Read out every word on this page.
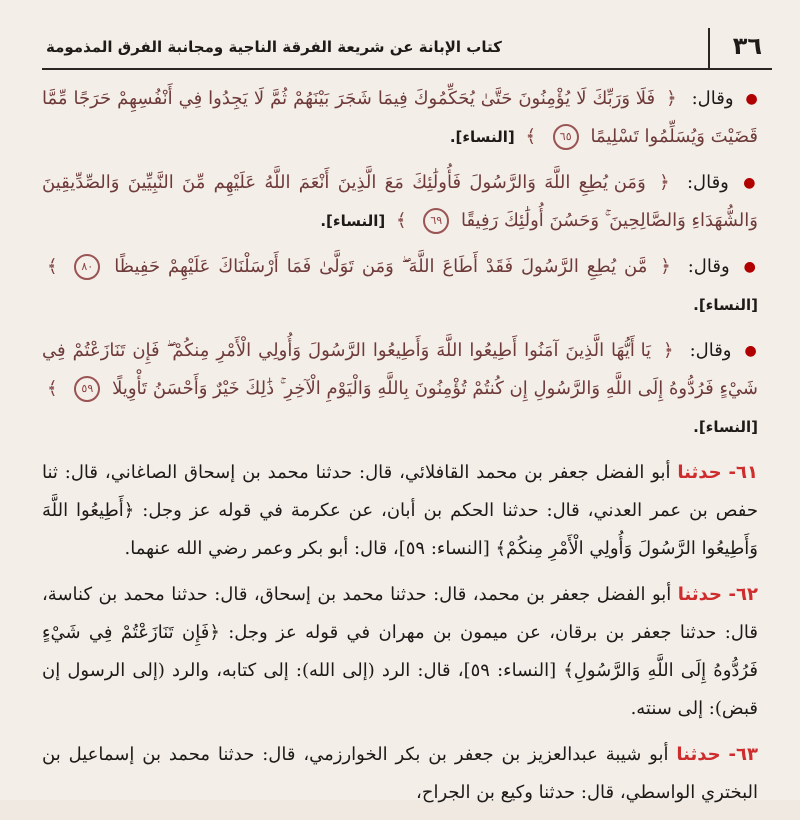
٣٦
كتاب الإبانة عن شريعة الفرقة الناجية ومجانبة الفرق المذمومة
● وقال: ﴿ فَلَا وَرَبِّكَ لَا يُؤْمِنُونَ حَتَّىٰ يُحَكِّمُوكَ فِيمَا شَجَرَ بَيْنَهُمْ ثُمَّ لَا يَجِدُوا فِي أَنْفُسِهِمْ حَرَجًا مِّمَّا قَضَيْتَ وَيُسَلِّمُوا تَسْلِيمًا ٦٥ ﴾ [النساء].
● وقال: ﴿ وَمَن يُطِعِ اللَّهَ وَالرَّسُولَ فَأُولَٰئِكَ مَعَ الَّذِينَ أَنْعَمَ اللَّهُ عَلَيْهِم مِّنَ النَّبِيِّينَ وَالصِّدِّيقِينَ وَالشُّهَدَاءِ وَالصَّالِحِينَ ۚ وَحَسُنَ أُولَٰئِكَ رَفِيقًا ٦٩ ﴾ [النساء].
● وقال: ﴿ مَّن يُطِعِ الرَّسُولَ فَقَدْ أَطَاعَ اللَّهَ ۖ وَمَن تَوَلَّىٰ فَمَا أَرْسَلْنَاكَ عَلَيْهِمْ حَفِيظًا ٨٠ ﴾ [النساء].
● وقال: ﴿ يَا أَيُّهَا الَّذِينَ آمَنُوا أَطِيعُوا اللَّهَ وَأَطِيعُوا الرَّسُولَ وَأُولِي الْأَمْرِ مِنكُمْ ۖ فَإِن تَنَازَعْتُمْ فِي شَيْءٍ فَرُدُّوهُ إِلَى اللَّهِ وَالرَّسُولِ إِن كُنتُمْ تُؤْمِنُونَ بِاللَّهِ وَالْيَوْمِ الْآخِرِ ۚ ذَٰلِكَ خَيْرٌ وَأَحْسَنُ تَأْوِيلًا ٥٩ ﴾ [النساء].
٦١- حدثنا أبو الفضل جعفر بن محمد القافلائي، قال: حدثنا محمد بن إسحاق الصاغاني، قال: ثنا حفص بن عمر العدني، قال: حدثنا الحكم بن أبان، عن عكرمة في قوله عز وجل: ﴿أَطِيعُوا اللَّهَ وَأَطِيعُوا الرَّسُولَ وَأُولِي الْأَمْرِ مِنكُمْ﴾ [النساء: ٥٩]، قال: أبو بكر وعمر رضي الله عنهما.
٦٢- حدثنا أبو الفضل جعفر بن محمد، قال: حدثنا محمد بن إسحاق، قال: حدثنا محمد بن كناسة، قال: حدثنا جعفر بن برقان، عن ميمون بن مهران في قوله عز وجل: ﴿فَإِن تَنَازَعْتُمْ فِي شَيْءٍ فَرُدُّوهُ إِلَى اللَّهِ وَالرَّسُولِ﴾ [النساء: ٥٩]، قال: الرد (إلى الله): إلى كتابه، والرد (إلى الرسول إن قبض): إلى سنته.
٦٣- حدثنا أبو شيبة عبدالعزيز بن جعفر بن بكر الخوارزمي، قال: حدثنا محمد بن إسماعيل بن البختري الواسطي، قال: حدثنا وكيع بن الجراح،
